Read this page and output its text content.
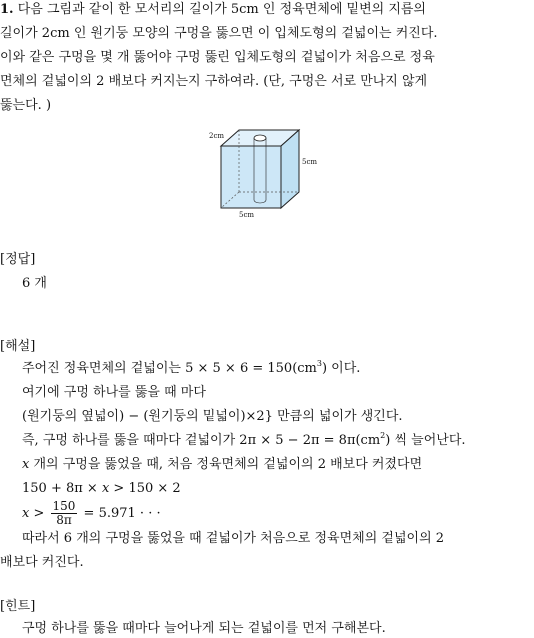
1. 다음 그림과 같이 한 모서리의 길이가 5cm 인 정육면체에 밑변의 지름의
길이가 2cm 인 원기둥 모양의 구멍을 뚫으면 이 입체도형의 겉넓이는 커진다.
이와 같은 구멍을 몇 개 뚫어야 구멍 뚫린 입체도형의 겉넓이가 처음으로 정육
면체의 겉넓이의 2 배보다 커지는지 구하여라. (단, 구멍은 서로 만나지 않게
뚫는다. )
2cm
5cm
5cm
[정답]
6 개
[해설]
주어진 정육면체의 겉넓이는 $5 \times 5 \times 6 = 150(cm^3)$ 이다.
여기에 구멍 하나를 뚫을 때 마다
(원기둥의 옆넓이) − (원기둥의 밑넓이)×2} 만큼의 넓이가 생긴다.
즉, 구멍 하나를 뚫을 때마다 겉넓이가 $2\pi \times 5 - 2\pi = 8\pi(cm^2)$ 씩 늘어난다.
x 개의 구멍을 뚫었을 때, 처음 정육면체의 겉넓이의 2 배보다 커졌다면
150 + 8π × x > 150 × 2
$x > \frac{150}{8\pi} = 5.971$ · · ·
따라서 6 개의 구멍을 뚫었을 때 겉넓이가 처음으로 정육면체의 겉넓이의 2
배보다 커진다.
[힌트]
구멍 하나를 뚫을 때마다 늘어나게 되는 겉넓이를 먼저 구해본다.
